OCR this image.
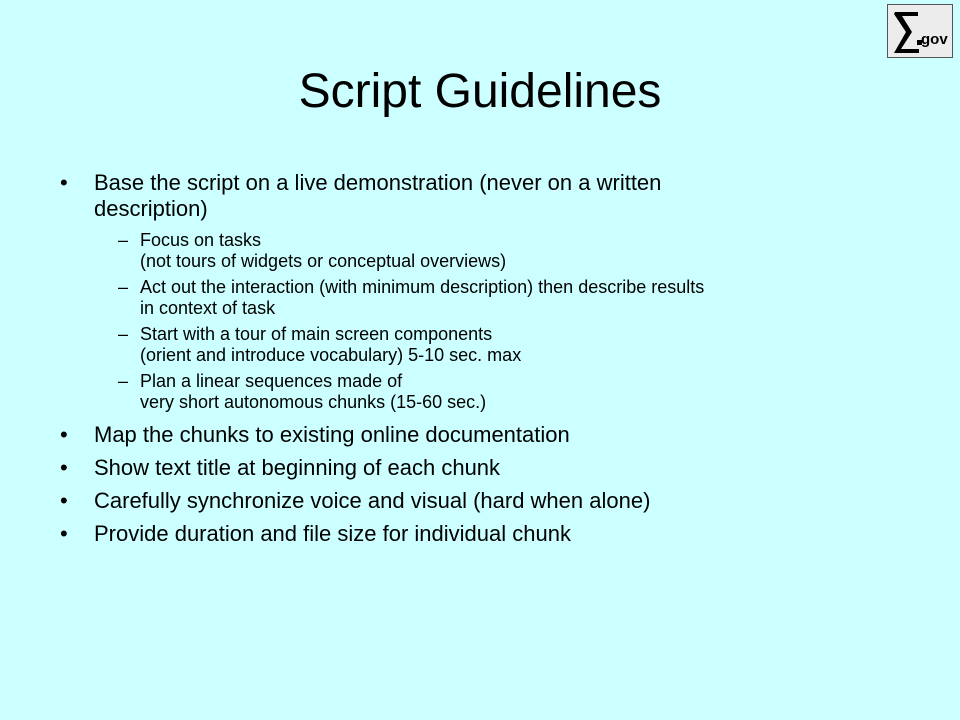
gov
Script Guidelines
• Base the script on a live demonstration (never on a written
description)
– Focus on tasks
(not tours of widgets or conceptual overviews)
– Act out the interaction (with minimum description) then describe results
in context of task
– Start with a tour of main screen components
(orient and introduce vocabulary) 5-10 sec. max
– Plan a linear sequences made of
very short autonomous chunks (15-60 sec.)
• Map the chunks to existing online documentation
• Show text title at beginning of each chunk
• Carefully synchronize voice and visual (hard when alone)
• Provide duration and file size for individual chunk
